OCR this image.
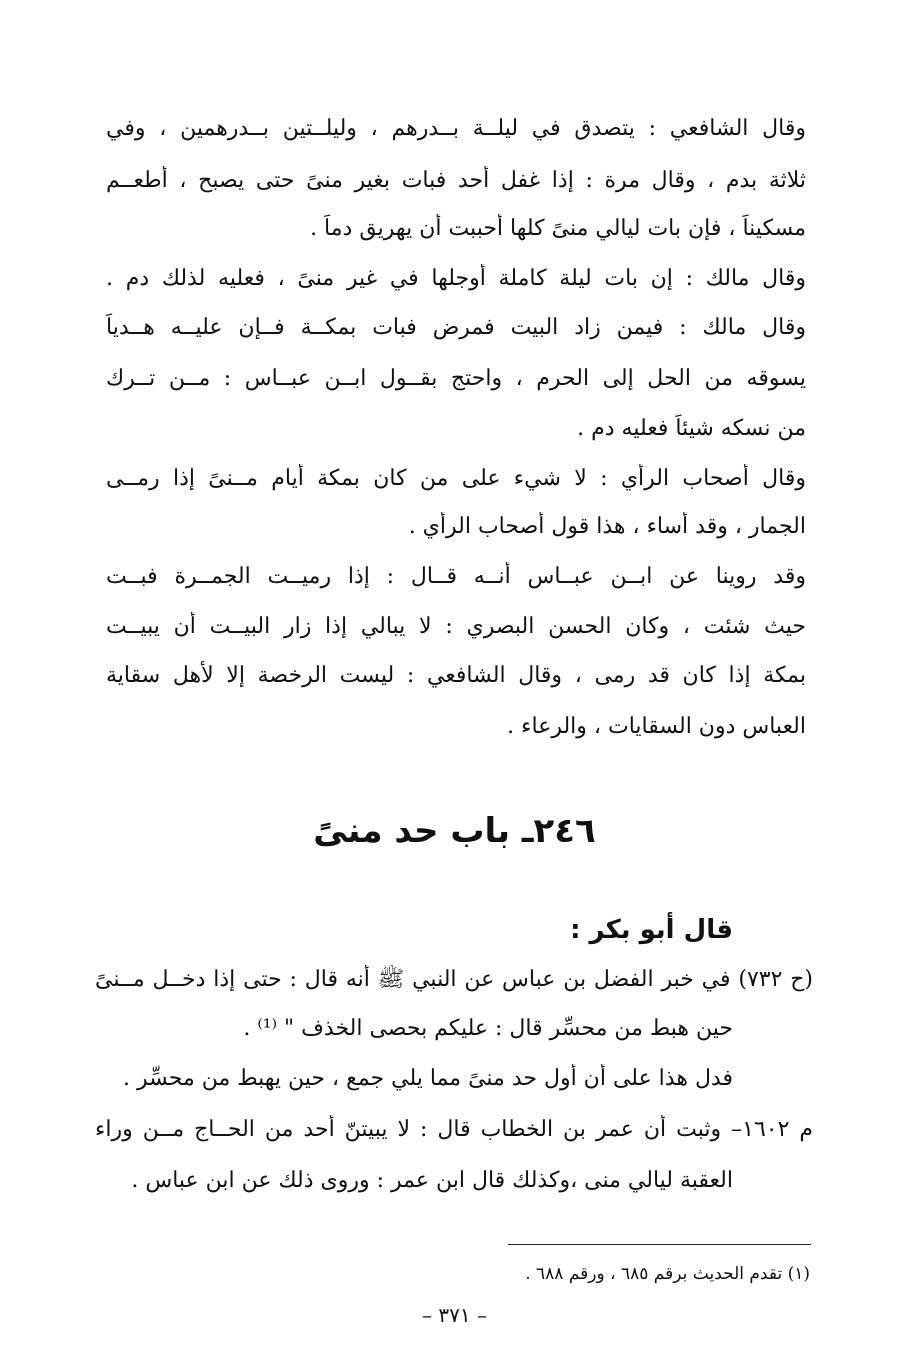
وقال الشافعي : يتصدق في ليلــة بــدرهم ، وليلــتين بــدرهمين ، وفي
ثلاثة بدم ، وقال مرة : إذا غفل أحد فبات بغير منىً حتى يصبح ، أطعــم
مسكيناً ، فإن بات ليالي منىً كلها أحببت أن يهريق دماً .
وقال مالك : إن بات ليلة كاملة أوجلها في غير منىً ، فعليه لذلك دم .
وقال مالك : فيمن زاد البيت فمرض فبات بمكــة فــإن عليــه هــدياً
يسوقه من الحل إلى الحرم ، واحتج بقــول ابــن عبــاس : مــن تــرك
من نسكه شيئاً فعليه دم .
وقال أصحاب الرأي : لا شيء على من كان بمكة أيام مــنىً إذا رمــى
الجمار ، وقد أساء ، هذا قول أصحاب الرأي .
وقد روينا عن ابــن عبــاس أنــه قــال : إذا رميــت الجمــرة فبــت
حيث شئت ، وكان الحسن البصري : لا يبالي إذا زار البيــت أن يبيــت
بمكة إذا كان قد رمى ، وقال الشافعي : ليست الرخصة إلا لأهل سقاية
العباس دون السقايات ، والرعاء .
٢٤٦ـ باب حد منىً
قال أبو بكر :
(ح ٧٣٢) في خبر الفضل بن عباس عن النبي ﷺ أنه قال : حتى إذا دخــل مــنىً
حين هبط من محسِّر قال : عليكم بحصى الخذف " ⁽¹⁾ .
فدل هذا على أن أول حد منىً مما يلي جمع ، حين يهبط من محسِّر .
م ١٦٠٢– وثبت أن عمر بن الخطاب قال : لا يبيتنّ أحد من الحــاج مــن وراء
العقبة ليالي منى ،وكذلك قال ابن عمر : وروى ذلك عن ابن عباس .
(١) تقدم الحديث برقم ٦٨٥ ، ورقم ٦٨٨ .
– ٣٧١ –
